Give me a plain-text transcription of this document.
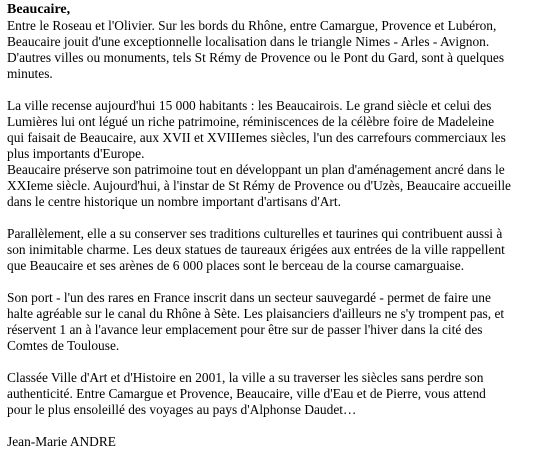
Beaucaire,

Entre le Roseau et l'Olivier. Sur les bords du Rhône, entre Camargue, Provence et Lubéron,
Beaucaire jouit d'une exceptionnelle localisation dans le triangle Nimes - Arles - Avignon.
D'autres villes ou monuments, tels St Rémy de Provence ou le Pont du Gard, sont à quelques
minutes.

La ville recense aujourd'hui 15 000 habitants : les Beaucairois. Le grand siècle et celui des
Lumières lui ont légué un riche patrimoine, réminiscences de la célèbre foire de Madeleine
qui faisait de Beaucaire, aux XVII et XVIIIemes siècles, l'un des carrefours commerciaux les
plus importants d'Europe.

Beaucaire préserve son patrimoine tout en développant un plan d'aménagement ancré dans le
XXIeme siècle. Aujourd'hui, à l'instar de St Rémy de Provence ou d'Uzès, Beaucaire accueille
dans le centre historique un nombre important d'artisans d'Art.

Parallèlement, elle a su conserver ses traditions culturelles et taurines qui contribuent aussi à
son inimitable charme. Les deux statues de taureaux érigées aux entrées de la ville rappellent
que Beaucaire et ses arènes de 6 000 places sont le berceau de la course camarguaise.

Son port - l'un des rares en France inscrit dans un secteur sauvegardé - permet de faire une
halte agréable sur le canal du Rhône à Sète. Les plaisanciers d'ailleurs ne s'y trompent pas, et
réservent 1 an à l'avance leur emplacement pour être sur de passer l'hiver dans la cité des
Comtes de Toulouse.

Classée Ville d'Art et d'Histoire en 2001, la ville a su traverser les siècles sans perdre son
authenticité. Entre Camargue et Provence, Beaucaire, ville d'Eau et de Pierre, vous attend
pour le plus ensoleillé des voyages au pays d'Alphonse Daudet…

Jean-Marie ANDRE
